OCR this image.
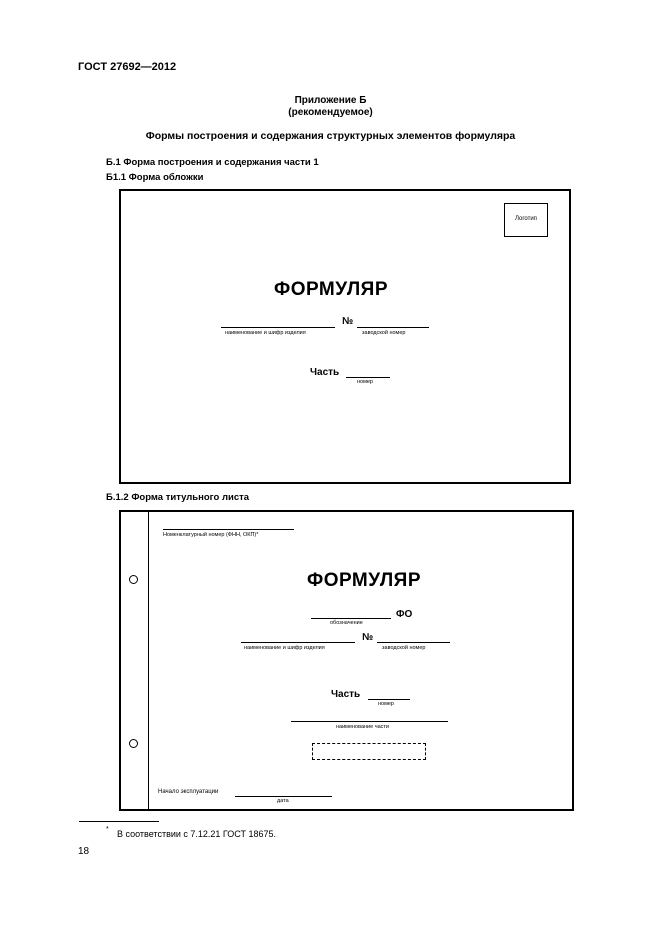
ГОСТ 27692—2012
Приложение Б
(рекомендуемое)
Формы построения и содержания структурных элементов формуляра
Б.1 Форма построения и содержания части 1
Б1.1 Форма обложки
Логотип
ФОРМУЛЯР
№
наименование и шифр изделия	заводской номер
Часть
номер
Б.1.2 Форма титульного листа
Номенклатурный номер (ФНН, ОКП)*
ФОРМУЛЯР
ФО
обозначение
№
наименование и шифр изделия	заводской номер
Часть
номер
наименование части
Начало эксплуатации
дата
* В соответствии с 7.12.21 ГОСТ 18675.
18
